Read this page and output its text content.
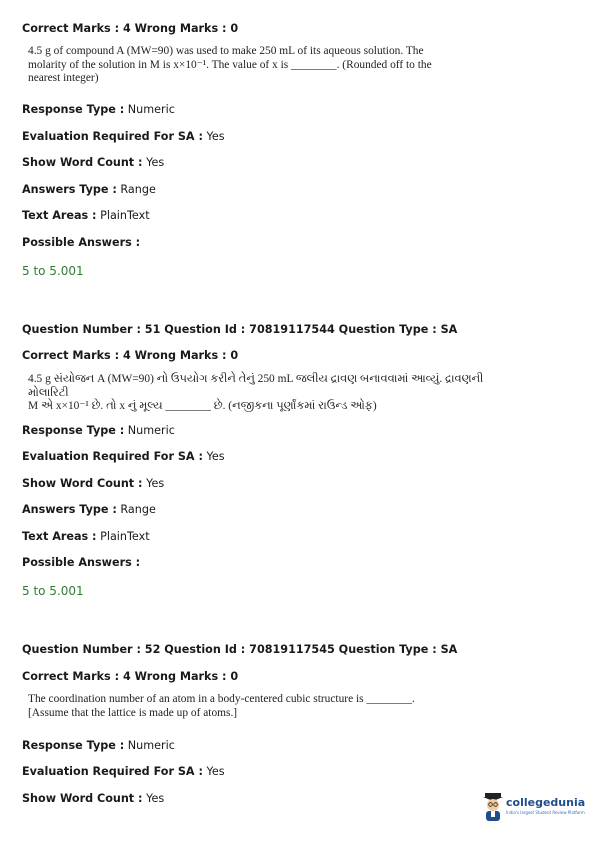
Correct Marks : 4 Wrong Marks : 0
4.5 g of compound A (MW=90) was used to make 250 mL of its aqueous solution. The
molarity of the solution in M is x×10⁻¹. The value of x is ________. (Rounded off to the
nearest integer)
Response Type : Numeric
Evaluation Required For SA : Yes
Show Word Count : Yes
Answers Type : Range
Text Areas : PlainText
Possible Answers :
5 to 5.001
Question Number : 51 Question Id : 70819117544 Question Type : SA
Correct Marks : 4 Wrong Marks : 0
4.5 g સંયોજન A (MW=90) નો ઉપયોગ કરીને તેનું 250 mL જલીય દ્રાવણ બનાવવામાં આવ્યું. દ્રાવણની મોલારિટી
M એ x×10⁻¹ છે. તો x નું મૂલ્ય ________ છે. (નજીકના પૂર્ણાંકમાં રાઉન્ડ ઓફ)
Response Type : Numeric
Evaluation Required For SA : Yes
Show Word Count : Yes
Answers Type : Range
Text Areas : PlainText
Possible Answers :
5 to 5.001
Question Number : 52 Question Id : 70819117545 Question Type : SA
Correct Marks : 4 Wrong Marks : 0
The coordination number of an atom in a body-centered cubic structure is ________.
[Assume that the lattice is made up of atoms.]
Response Type : Numeric
Evaluation Required For SA : Yes
Show Word Count : Yes	collegedunia
India's largest Student Review Platform
